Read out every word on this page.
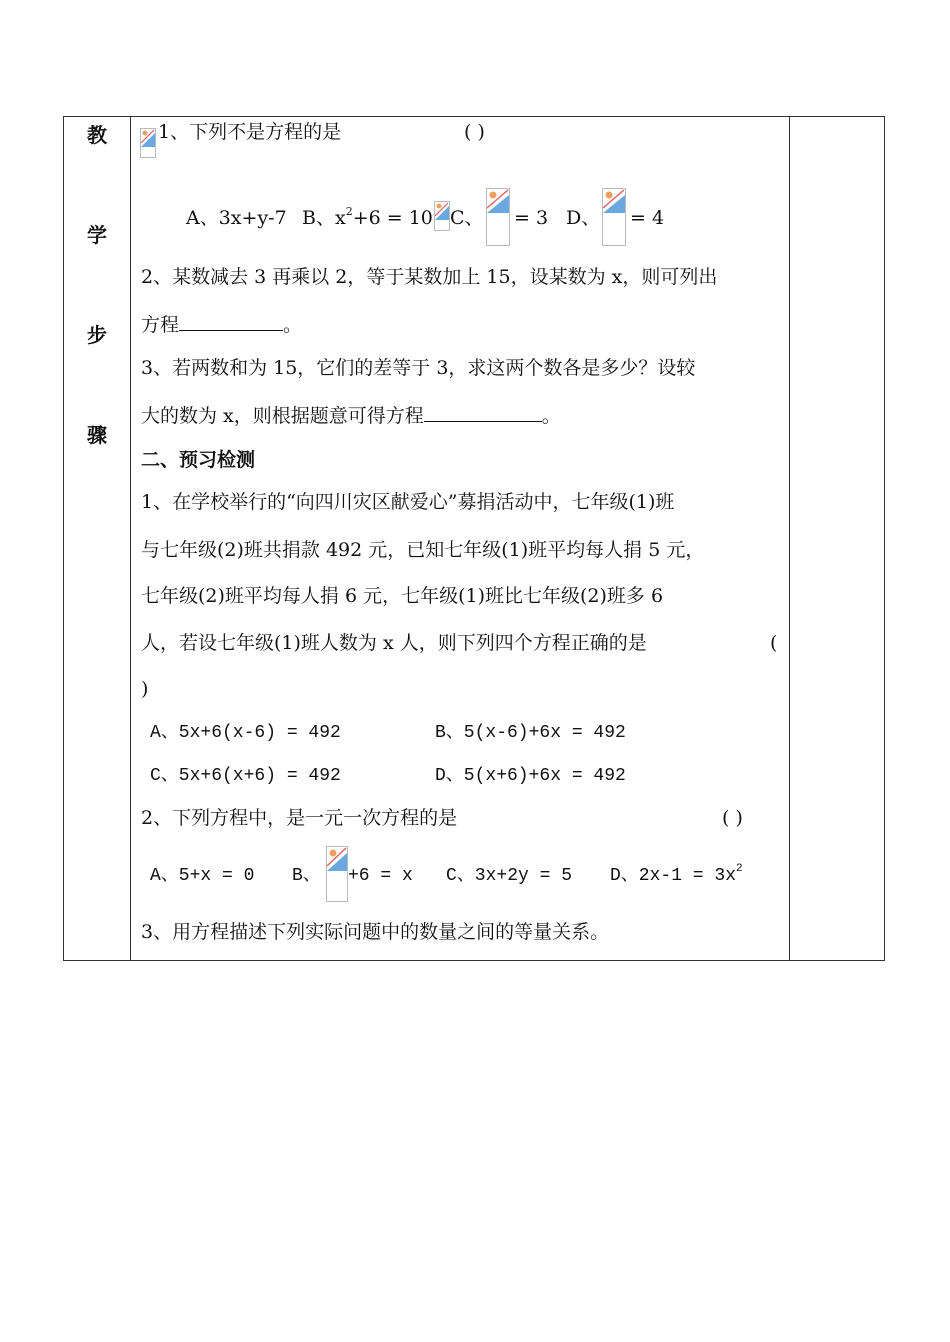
教
学
步
骤
1、下列不是方程的是	( )
A、3x+y-7 B、$x^2+6 = 10$ C、 = 3 D、 = 4
2、某数减去 3 再乘以 2，等于某数加上 15，设某数为 x，则可列出
方程	。
3、若两数和为 15，它们的差等于 3，求这两个数各是多少？设较
大的数为 x，则根据题意可得方程	。
二、预习检测
1、在学校举行的“向四川灾区献爱心”募捐活动中，七年级(1)班
与七年级(2)班共捐款 492 元，已知七年级(1)班平均每人捐 5 元，
七年级(2)班平均每人捐 6 元，七年级(1)班比七年级(2)班多 6
人，若设七年级(1)班人数为 x 人，则下列四个方程正确的是	(
)
A、5x+6(x-6) = 492	B、5(x-6)+6x = 492
C、5x+6(x+6) = 492	D、5(x+6)+6x = 492
2、下列方程中，是一元一次方程的是	( )
A、5+x = 0 B、 +6 = x C、3x+2y = 5 D、$2x-1 = 3x^2$
3、用方程描述下列实际问题中的数量之间的等量关系。
